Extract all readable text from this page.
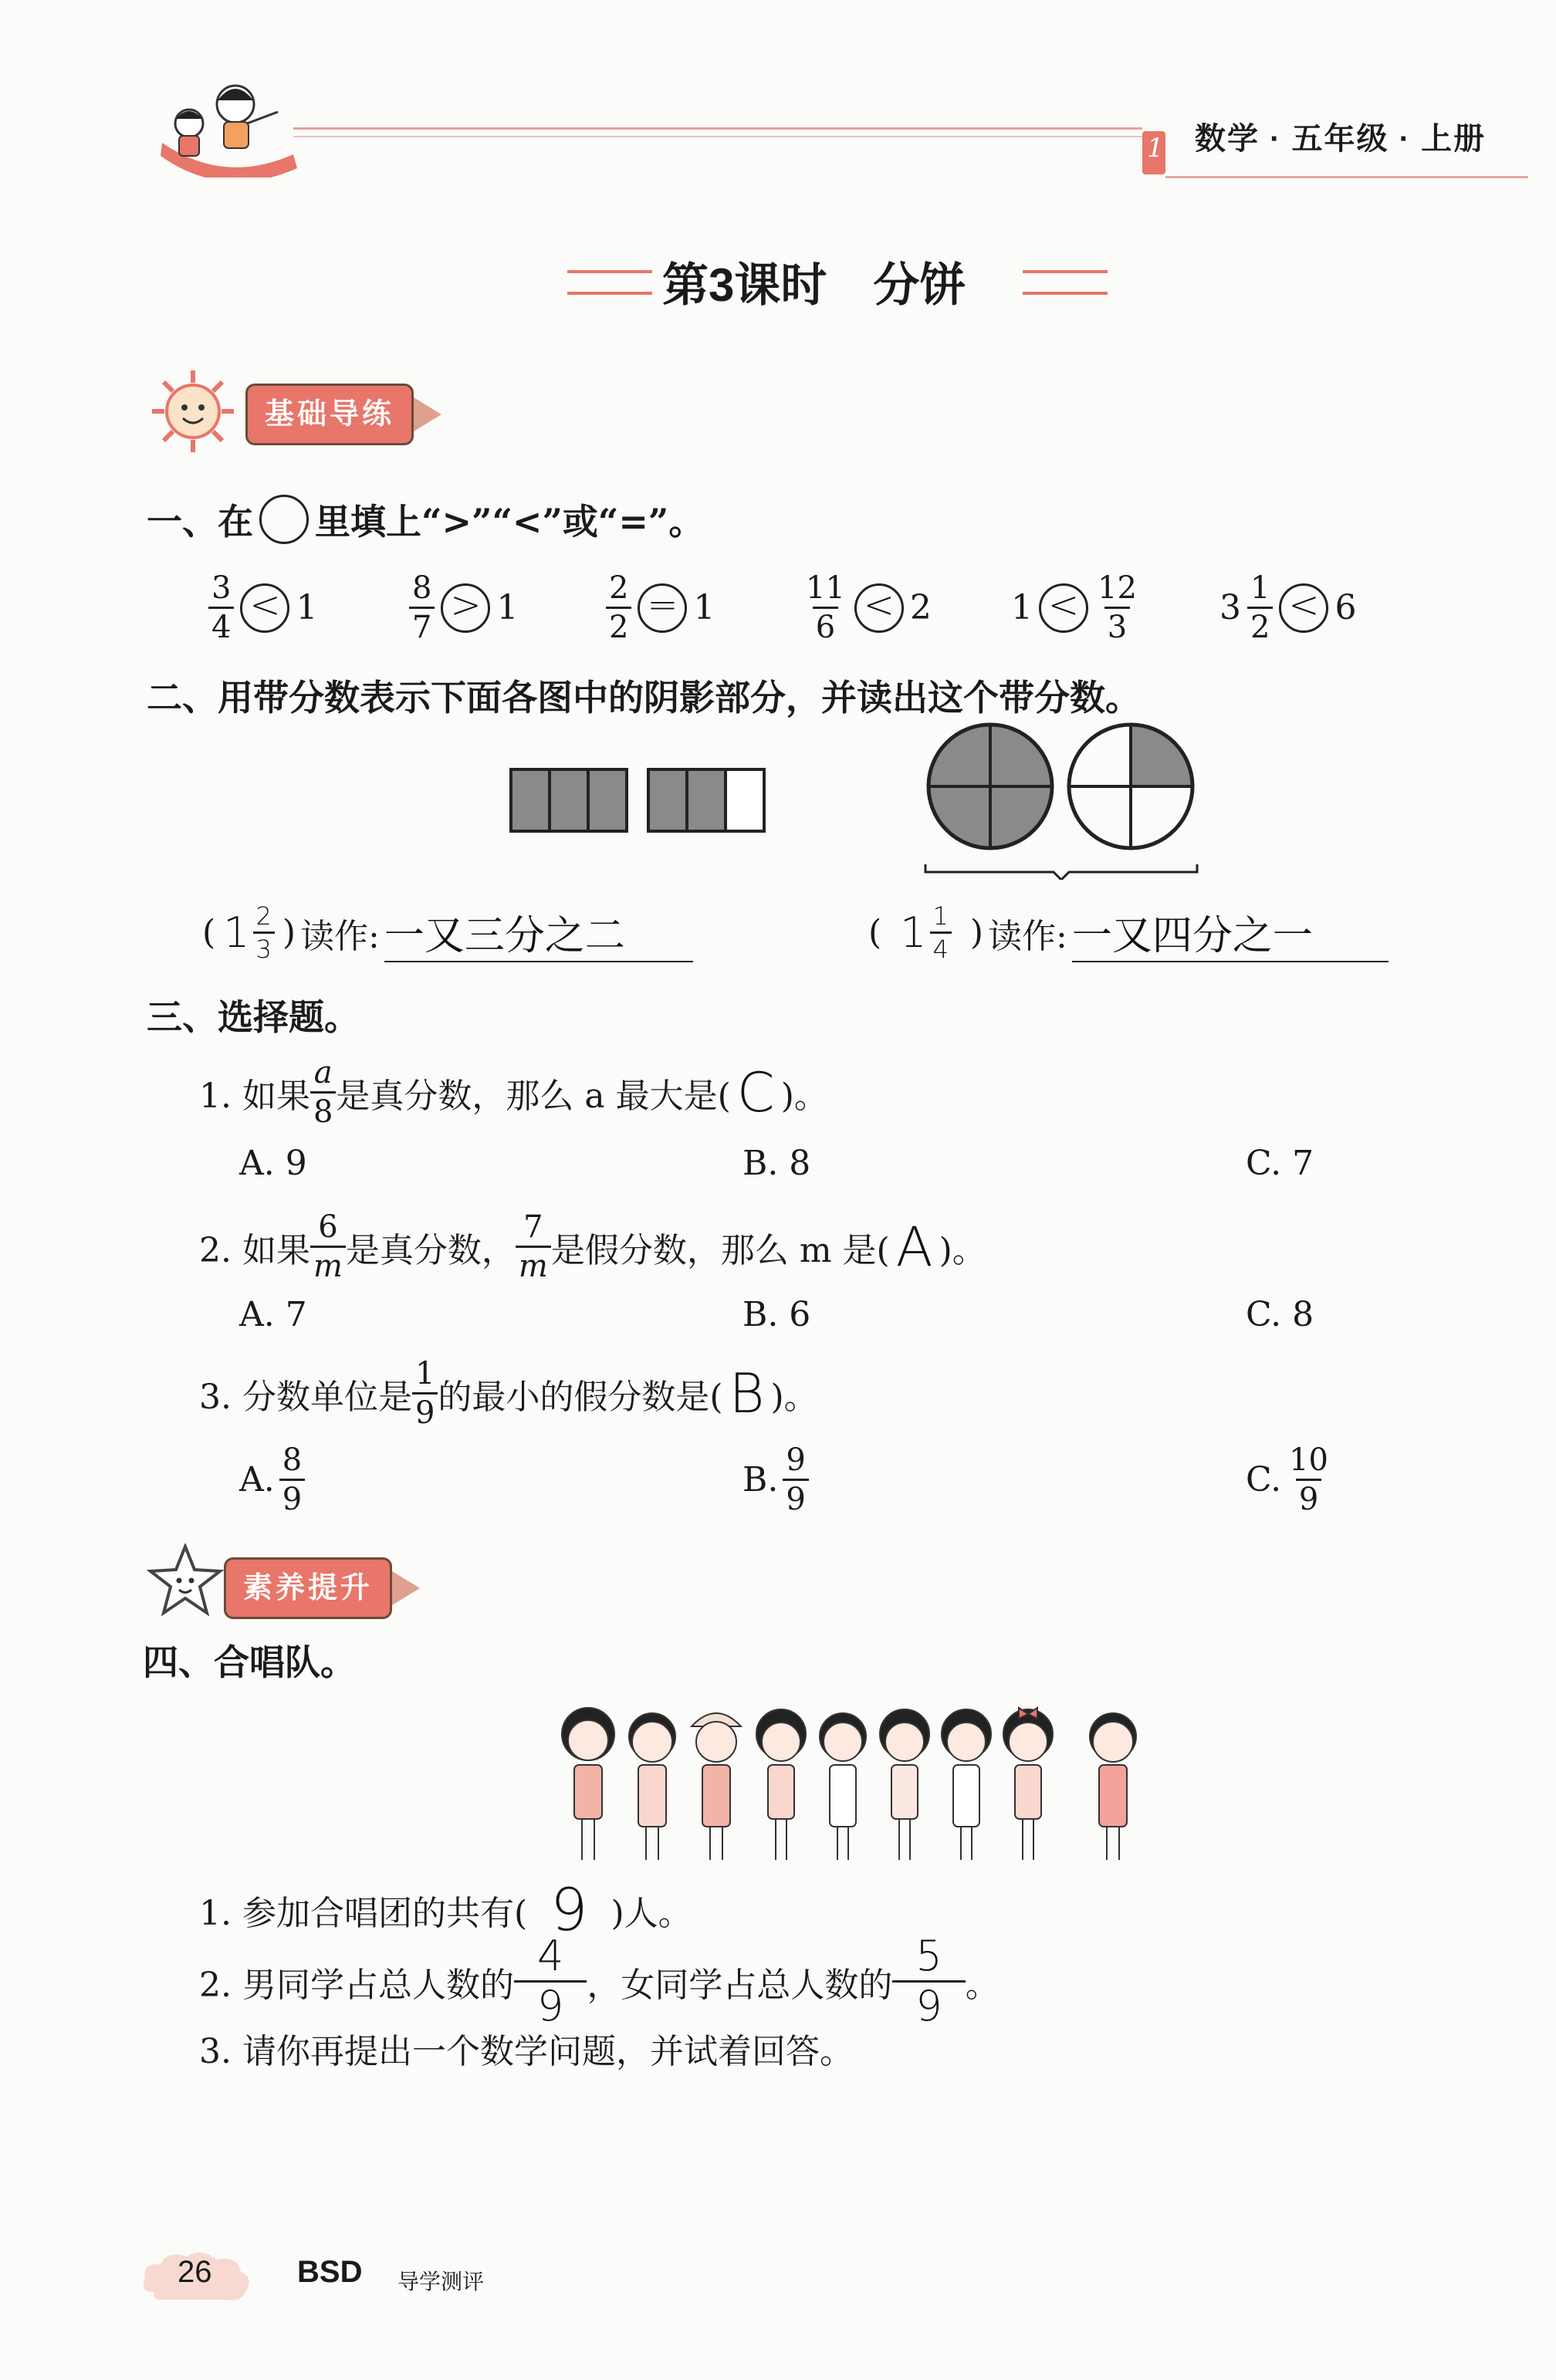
1 数学 · 五年级 · 上册
第3课时　分饼
基础导练
一、在 里填上“>”“<”或“=”。
$\frac{3}{4} < 1$	$\frac{8}{7} > 1$	$\frac{2}{2} = 1$	$\frac{11}{6} < 2$ $1 < \frac{12}{3} 3 \frac{1}{2} < 6$
二、用带分数表示下面各图中的阴影部分，并读出这个带分数。
( $1 \frac{2}{3}$ ) 读作: 一又三分之二	( $1 \frac{1}{4}$ ) 读作: 一又四分之一
三、选择题。
1. 如果 $\frac{a}{8}$ 是真分数，那么 a 最大是( C )。
A. 9	B. 8	C. 7
2. 如果 $\frac{6}{m}$ 是真分数， $\frac{7}{m}$ 是假分数，那么 m 是( A )。
A. 7	B. 6	C. 8
3. 分数单位是 $\frac{1}{9}$ 的最小的假分数是( B )。
A. $\frac{8}{9}$	B. $\frac{9}{9}$	C. $\frac{10}{9}$
素养提升
四、合唱队。
1. 参加合唱团的共有( 9 )人。
2. 男同学占总人数的 $\frac{4}{9}$ ，女同学占总人数的 $\frac{5}{9}$ 。
3. 请你再提出一个数学问题，并试着回答。
26	BSD 导学测评
